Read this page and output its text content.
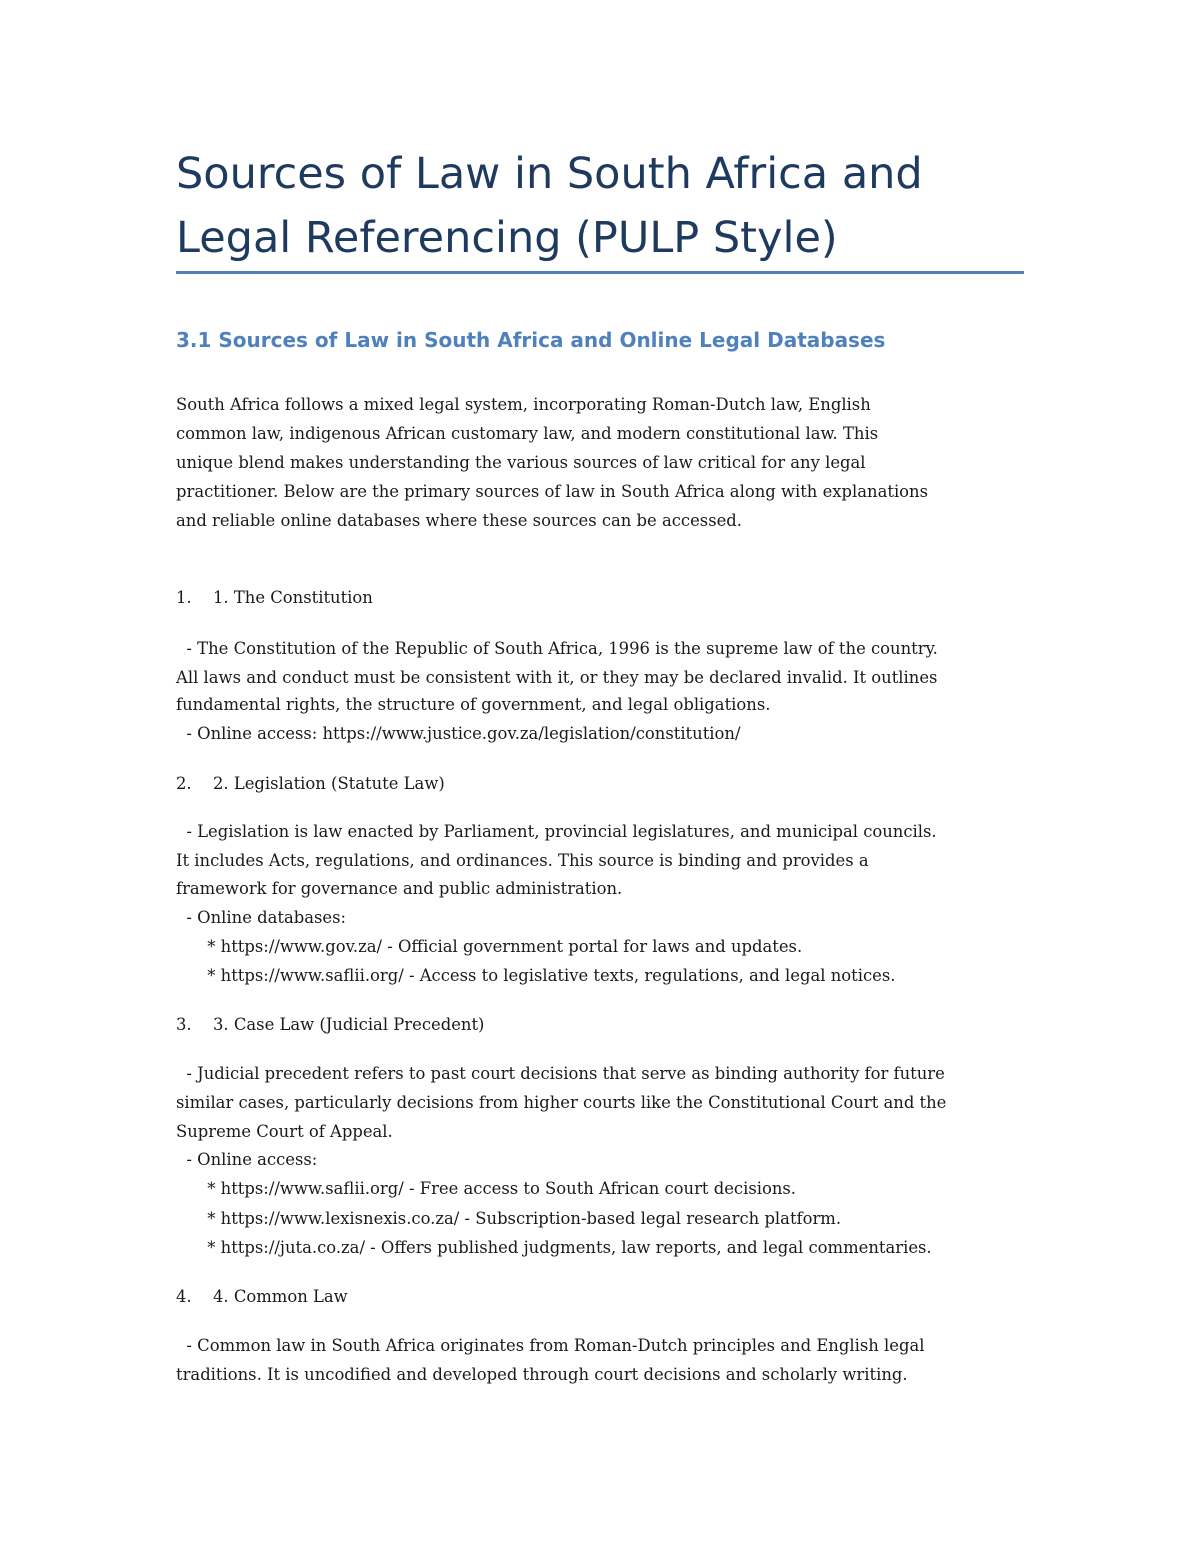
Sources of Law in South Africa and
Legal Referencing (PULP Style)
3.1 Sources of Law in South Africa and Online Legal Databases
South Africa follows a mixed legal system, incorporating Roman-Dutch law, English
common law, indigenous African customary law, and modern constitutional law. This
unique blend makes understanding the various sources of law critical for any legal
practitioner. Below are the primary sources of law in South Africa along with explanations
and reliable online databases where these sources can be accessed.
1. 1. The Constitution
- The Constitution of the Republic of South Africa, 1996 is the supreme law of the country.
All laws and conduct must be consistent with it, or they may be declared invalid. It outlines
fundamental rights, the structure of government, and legal obligations.
- Online access: https://www.justice.gov.za/legislation/constitution/
2. 2. Legislation (Statute Law)
- Legislation is law enacted by Parliament, provincial legislatures, and municipal councils.
It includes Acts, regulations, and ordinances. This source is binding and provides a
framework for governance and public administration.
- Online databases:
* https://www.gov.za/ - Official government portal for laws and updates.
* https://www.saflii.org/ - Access to legislative texts, regulations, and legal notices.
3. 3. Case Law (Judicial Precedent)
- Judicial precedent refers to past court decisions that serve as binding authority for future
similar cases, particularly decisions from higher courts like the Constitutional Court and the
Supreme Court of Appeal.
- Online access:
* https://www.saflii.org/ - Free access to South African court decisions.
* https://www.lexisnexis.co.za/ - Subscription-based legal research platform.
* https://juta.co.za/ - Offers published judgments, law reports, and legal commentaries.
4. 4. Common Law
- Common law in South Africa originates from Roman-Dutch principles and English legal
traditions. It is uncodified and developed through court decisions and scholarly writing.
